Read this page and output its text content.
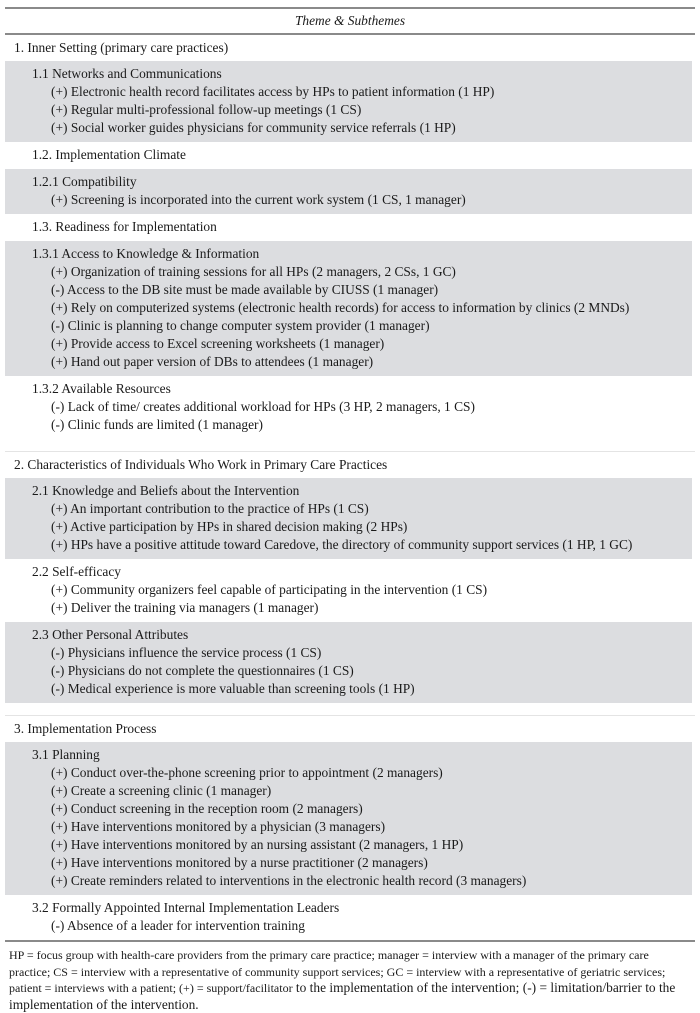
Theme & Subthemes
1. Inner Setting (primary care practices)
1.1 Networks and Communications
(+) Electronic health record facilitates access by HPs to patient information (1 HP)
(+) Regular multi-professional follow-up meetings (1 CS)
(+) Social worker guides physicians for community service referrals (1 HP)
1.2. Implementation Climate
1.2.1 Compatibility
(+) Screening is incorporated into the current work system (1 CS, 1 manager)
1.3. Readiness for Implementation
1.3.1 Access to Knowledge & Information
(+) Organization of training sessions for all HPs (2 managers, 2 CSs, 1 GC)
(-) Access to the DB site must be made available by CIUSS (1 manager)
(+) Rely on computerized systems (electronic health records) for access to information by clinics (2 MNDs)
(-) Clinic is planning to change computer system provider (1 manager)
(+) Provide access to Excel screening worksheets (1 manager)
(+) Hand out paper version of DBs to attendees (1 manager)
1.3.2 Available Resources
(-) Lack of time/ creates additional workload for HPs (3 HP, 2 managers, 1 CS)
(-) Clinic funds are limited (1 manager)
2. Characteristics of Individuals Who Work in Primary Care Practices
2.1 Knowledge and Beliefs about the Intervention
(+) An important contribution to the practice of HPs (1 CS)
(+) Active participation by HPs in shared decision making (2 HPs)
(+) HPs have a positive attitude toward Caredove, the directory of community support services (1 HP, 1 GC)
2.2 Self-efficacy
(+) Community organizers feel capable of participating in the intervention (1 CS)
(+) Deliver the training via managers (1 manager)
2.3 Other Personal Attributes
(-) Physicians influence the service process (1 CS)
(-) Physicians do not complete the questionnaires (1 CS)
(-) Medical experience is more valuable than screening tools (1 HP)
3. Implementation Process
3.1 Planning
(+) Conduct over-the-phone screening prior to appointment (2 managers)
(+) Create a screening clinic (1 manager)
(+) Conduct screening in the reception room (2 managers)
(+) Have interventions monitored by a physician (3 managers)
(+) Have interventions monitored by an nursing assistant (2 managers, 1 HP)
(+) Have interventions monitored by a nurse practitioner (2 managers)
(+) Create reminders related to interventions in the electronic health record (3 managers)
3.2 Formally Appointed Internal Implementation Leaders
(-) Absence of a leader for intervention training
HP = focus group with health-care providers from the primary care practice; manager = interview with a manager of the primary care practice; CS = interview with a representative of community support services; GC = interview with a representative of geriatric services; patient = interviews with a patient; (+) = support/facilitator to the implementation of the intervention; (-) = limitation/barrier to the implementation of the intervention.
